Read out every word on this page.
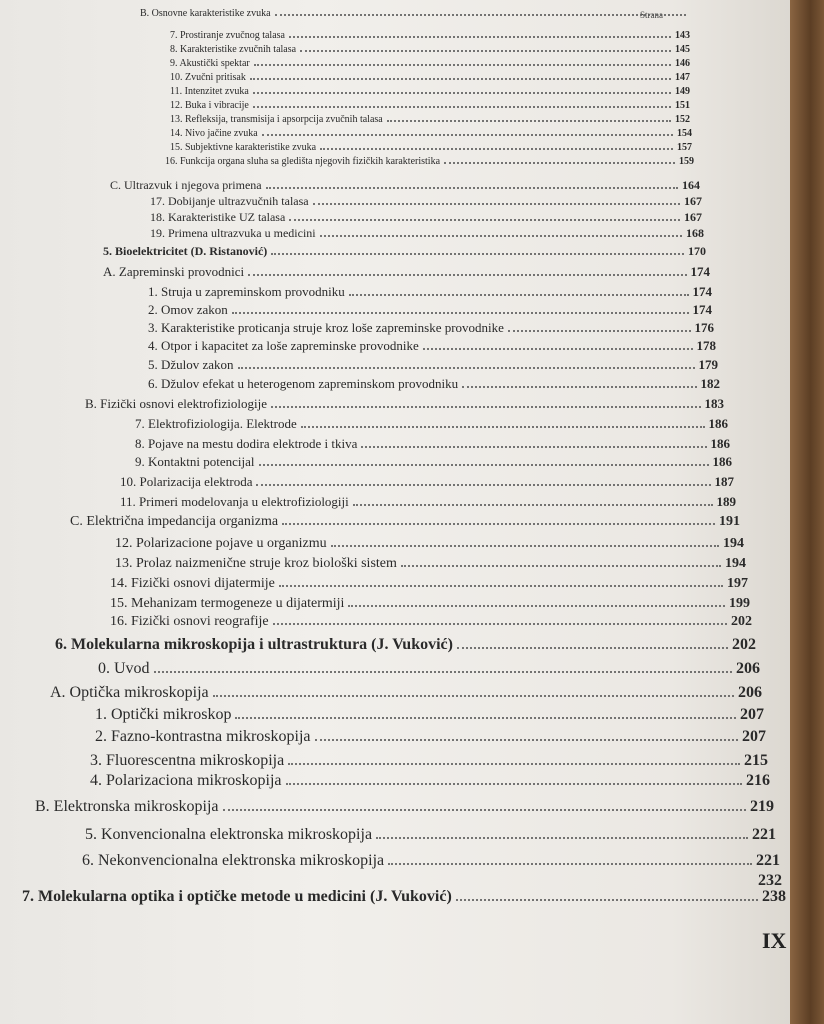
Strana
B. Osnovne karakteristike zvuka
7. Prostiranje zvučnog talasa	143
8. Karakteristike zvučnih talasa	145
9. Akustički spektar	146
10. Zvučni pritisak	147
11. Intenzitet zvuka	149
12. Buka i vibracije	151
13. Refleksija, transmisija i apsorpcija zvučnih talasa	152
14. Nivo jačine zvuka	154
15. Subjektivne karakteristike zvuka	157
16. Funkcija organa sluha sa gledišta njegovih fizičkih karakteristika	159
C. Ultrazvuk i njegova primena	164
17. Dobijanje ultrazvučnih talasa	167
18. Karakteristike UZ talasa	167
19. Primena ultrazvuka u medicini	168
5. Bioelektricitet (D. Ristanović)	170
A. Zapreminski provodnici	174
1. Struja u zapreminskom provodniku	174
2. Omov zakon	174
3. Karakteristike proticanja struje kroz loše zapreminske provodnike	176
4. Otpor i kapacitet za loše zapreminske provodnike	178
5. Džulov zakon	179
6. Džulov efekat u heterogenom zapreminskom provodniku	182
B. Fizički osnovi elektrofiziologije	183
7. Elektrofiziologija. Elektrode	186
8. Pojave na mestu dodira elektrode i tkiva	186
9. Kontaktni potencijal	186
10. Polarizacija elektroda	187
11. Primeri modelovanja u elektrofiziologiji	189
C. Električna impedancija organizma	191
12. Polarizacione pojave u organizmu	194
13. Prolaz naizmenične struje kroz biološki sistem	194
14. Fizički osnovi dijatermije	197
15. Mehanizam termogeneze u dijatermiji	199
16. Fizički osnovi reografije	202
6. Molekularna mikroskopija i ultrastruktura (J. Vuković)	202
0. Uvod	206
A. Optička mikroskopija	206
1. Optički mikroskop	207
2. Fazno-kontrastna mikroskopija	207
3. Fluorescentna mikroskopija	215
4. Polarizaciona mikroskopija	216
B. Elektronska mikroskopija	219
5. Konvencionalna elektronska mikroskopija	221
6. Nekonvencionalna elektronska mikroskopija	221
232
7. Molekularna optika i optičke metode u medicini (J. Vuković)	238
IX
